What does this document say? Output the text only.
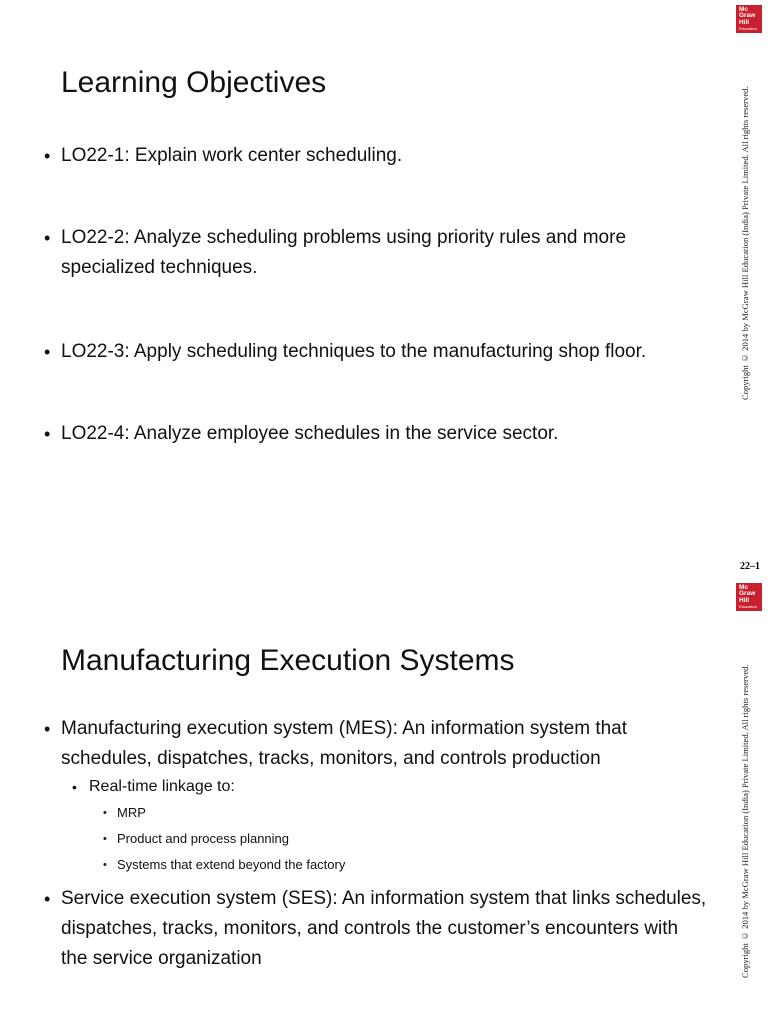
Mc
Graw
Hill
Education
Copyright © 2014 by McGraw Hill Education (India) Private Limited. All rights reserved.
Learning Objectives
• LO22-1: Explain work center scheduling.
• LO22-2: Analyze scheduling problems using priority rules and more specialized techniques.
• LO22-3: Apply scheduling techniques to the manufacturing shop floor.
• LO22-4: Analyze employee schedules in the service sector.
22–1
Mc
Graw
Hill
Education
Copyright © 2014 by McGraw Hill Education (India) Private Limited. All rights reserved.
Manufacturing Execution Systems
• Manufacturing execution system (MES): An information system that schedules, dispatches, tracks, monitors, and controls production
• Real-time linkage to:
• MRP
• Product and process planning
• Systems that extend beyond the factory
• Service execution system (SES): An information system that links schedules, dispatches, tracks, monitors, and controls the customer’s encounters with the service organization
